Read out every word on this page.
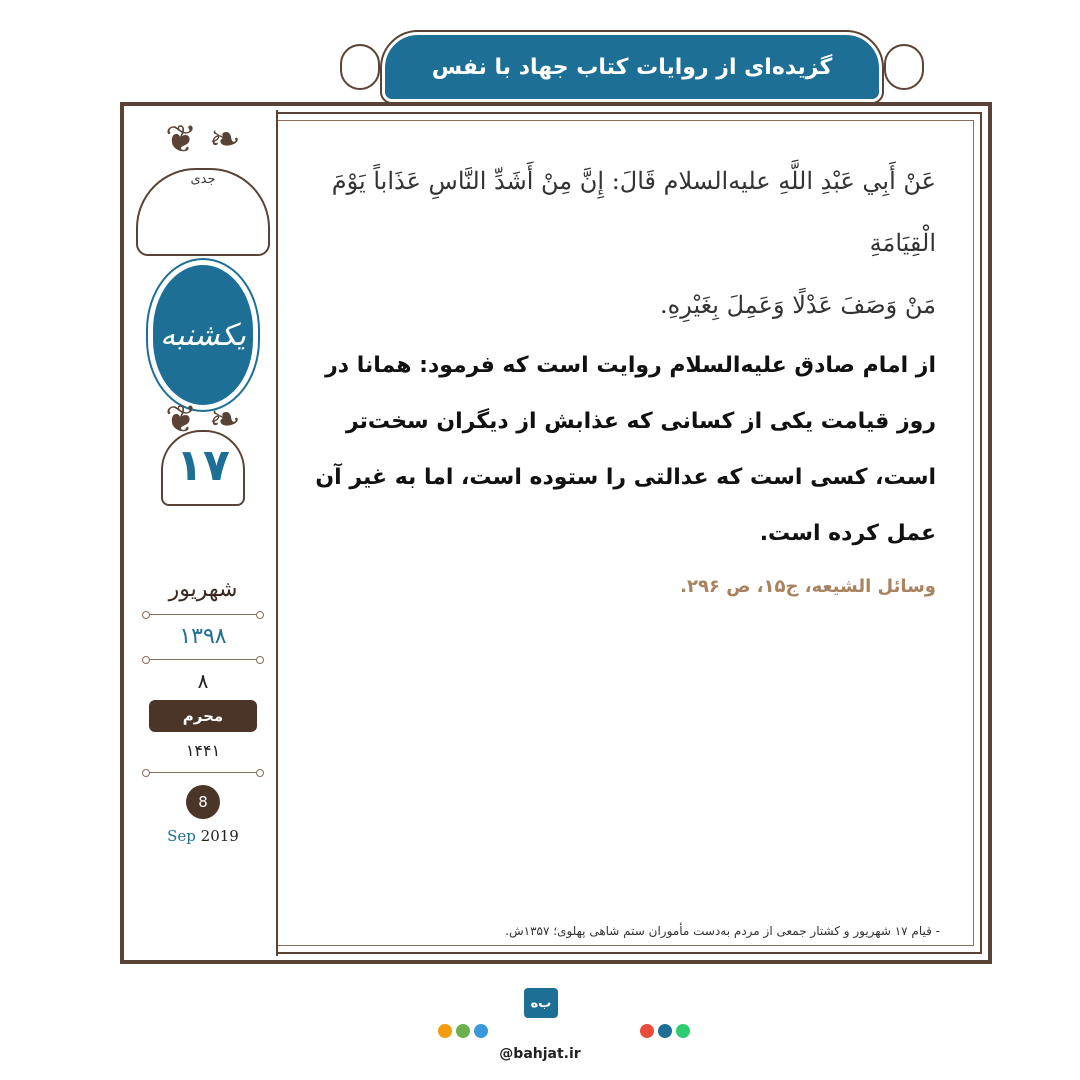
گزیده‌ای از روایات کتاب جهاد با نفس
❦ ❧
جدی
یکشنبه
❦ ❧
۱۷
شهریور
۱۳۹۸
۸
محرم
۱۴۴۱
8
Sep 2019
عَنْ أَبِي عَبْدِ اللَّهِ عليه‌السلام قَالَ: إِنَّ مِنْ أَشَدِّ النَّاسِ عَذَاباً يَوْمَ الْقِيَامَةِ
مَنْ وَصَفَ عَدْلًا وَعَمِلَ بِغَيْرِهِ.
از امام صادق عليه‌السلام روايت است كه فرمود: همانا در روز قيامت يكى از كسانى كه عذابش از ديگران سخت‌تر است، كسى است كه عدالتى را ستوده است، اما به غير آن عمل كرده است.
وسائل الشیعه، ج۱۵، ص ۲۹۶.
- قیام ۱۷ شهریور و کشتار جمعی از مردم به‌دست مأموران ستم شاهی پهلوی؛ ۱۳۵۷ش.
ب‌ه
@bahjat.ir
